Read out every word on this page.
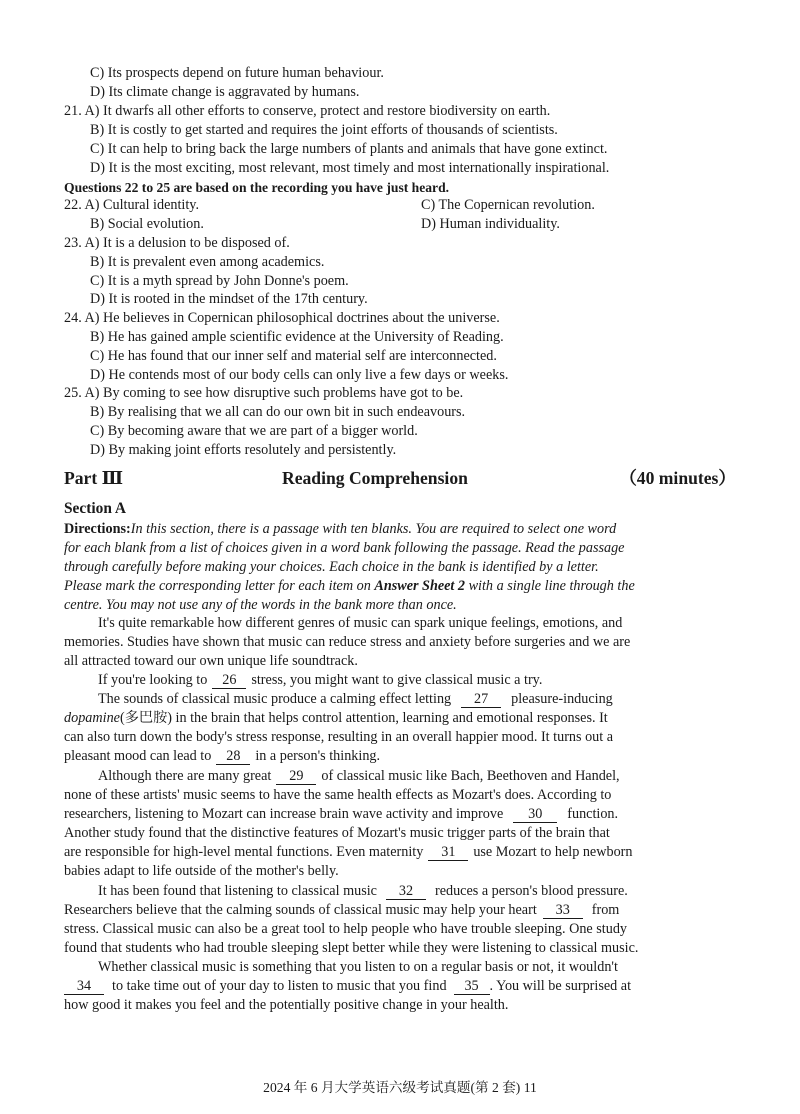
C) Its prospects depend on future human behaviour.
D) Its climate change is aggravated by humans.
21. A) It dwarfs all other efforts to conserve, protect and restore biodiversity on earth.
B) It is costly to get started and requires the joint efforts of thousands of scientists.
C) It can help to bring back the large numbers of plants and animals that have gone extinct.
D) It is the most exciting, most relevant, most timely and most internationally inspirational.
Questions 22 to 25 are based on the recording you have just heard.
22. A) Cultural identity.	C) The Copernican revolution.
B) Social evolution.	D) Human individuality.
23. A) It is a delusion to be disposed of.
B) It is prevalent even among academics.
C) It is a myth spread by John Donne's poem.
D) It is rooted in the mindset of the 17th century.
24. A) He believes in Copernican philosophical doctrines about the universe.
B) He has gained ample scientific evidence at the University of Reading.
C) He has found that our inner self and material self are interconnected.
D) He contends most of our body cells can only live a few days or weeks.
25. A) By coming to see how disruptive such problems have got to be.
B) By realising that we all can do our own bit in such endeavours.
C) By becoming aware that we are part of a bigger world.
D) By making joint efforts resolutely and persistently.
Part Ⅲ	Reading Comprehension	（40 minutes）
Section A
Directions:In this section, there is a passage with ten blanks. You are required to select one word
for each blank from a list of choices given in a word bank following the passage. Read the passage
through carefully before making your choices. Each choice in the bank is identified by a letter.
Please mark the corresponding letter for each item on Answer Sheet 2 with a single line through the
centre. You may not use any of the words in the bank more than once.
It's quite remarkable how different genres of music can spark unique feelings, emotions, and
memories. Studies have shown that music can reduce stress and anxiety before surgeries and we are
all attracted toward our own unique life soundtrack.
If you're looking to 26 stress, you might want to give classical music a try.
The sounds of classical music produce a calming effect letting 27 pleasure-inducing
dopamine(多巴胺) in the brain that helps control attention, learning and emotional responses. It
can also turn down the body's stress response, resulting in an overall happier mood. It turns out a
pleasant mood can lead to 28 in a person's thinking.
Although there are many great 29 of classical music like Bach, Beethoven and Handel,
none of these artists' music seems to have the same health effects as Mozart's does. According to
researchers, listening to Mozart can increase brain wave activity and improve 30 function.
Another study found that the distinctive features of Mozart's music trigger parts of the brain that
are responsible for high-level mental functions. Even maternity 31 use Mozart to help newborn
babies adapt to life outside of the mother's belly.
It has been found that listening to classical music 32 reduces a person's blood pressure.
Researchers believe that the calming sounds of classical music may help your heart 33 from
stress. Classical music can also be a great tool to help people who have trouble sleeping. One study
found that students who had trouble sleeping slept better while they were listening to classical music.
Whether classical music is something that you listen to on a regular basis or not, it wouldn't
34 to take time out of your day to listen to music that you find 35 . You will be surprised at
how good it makes you feel and the potentially positive change in your health.
2024 年 6 月大学英语六级考试真题(第 2 套) 11
